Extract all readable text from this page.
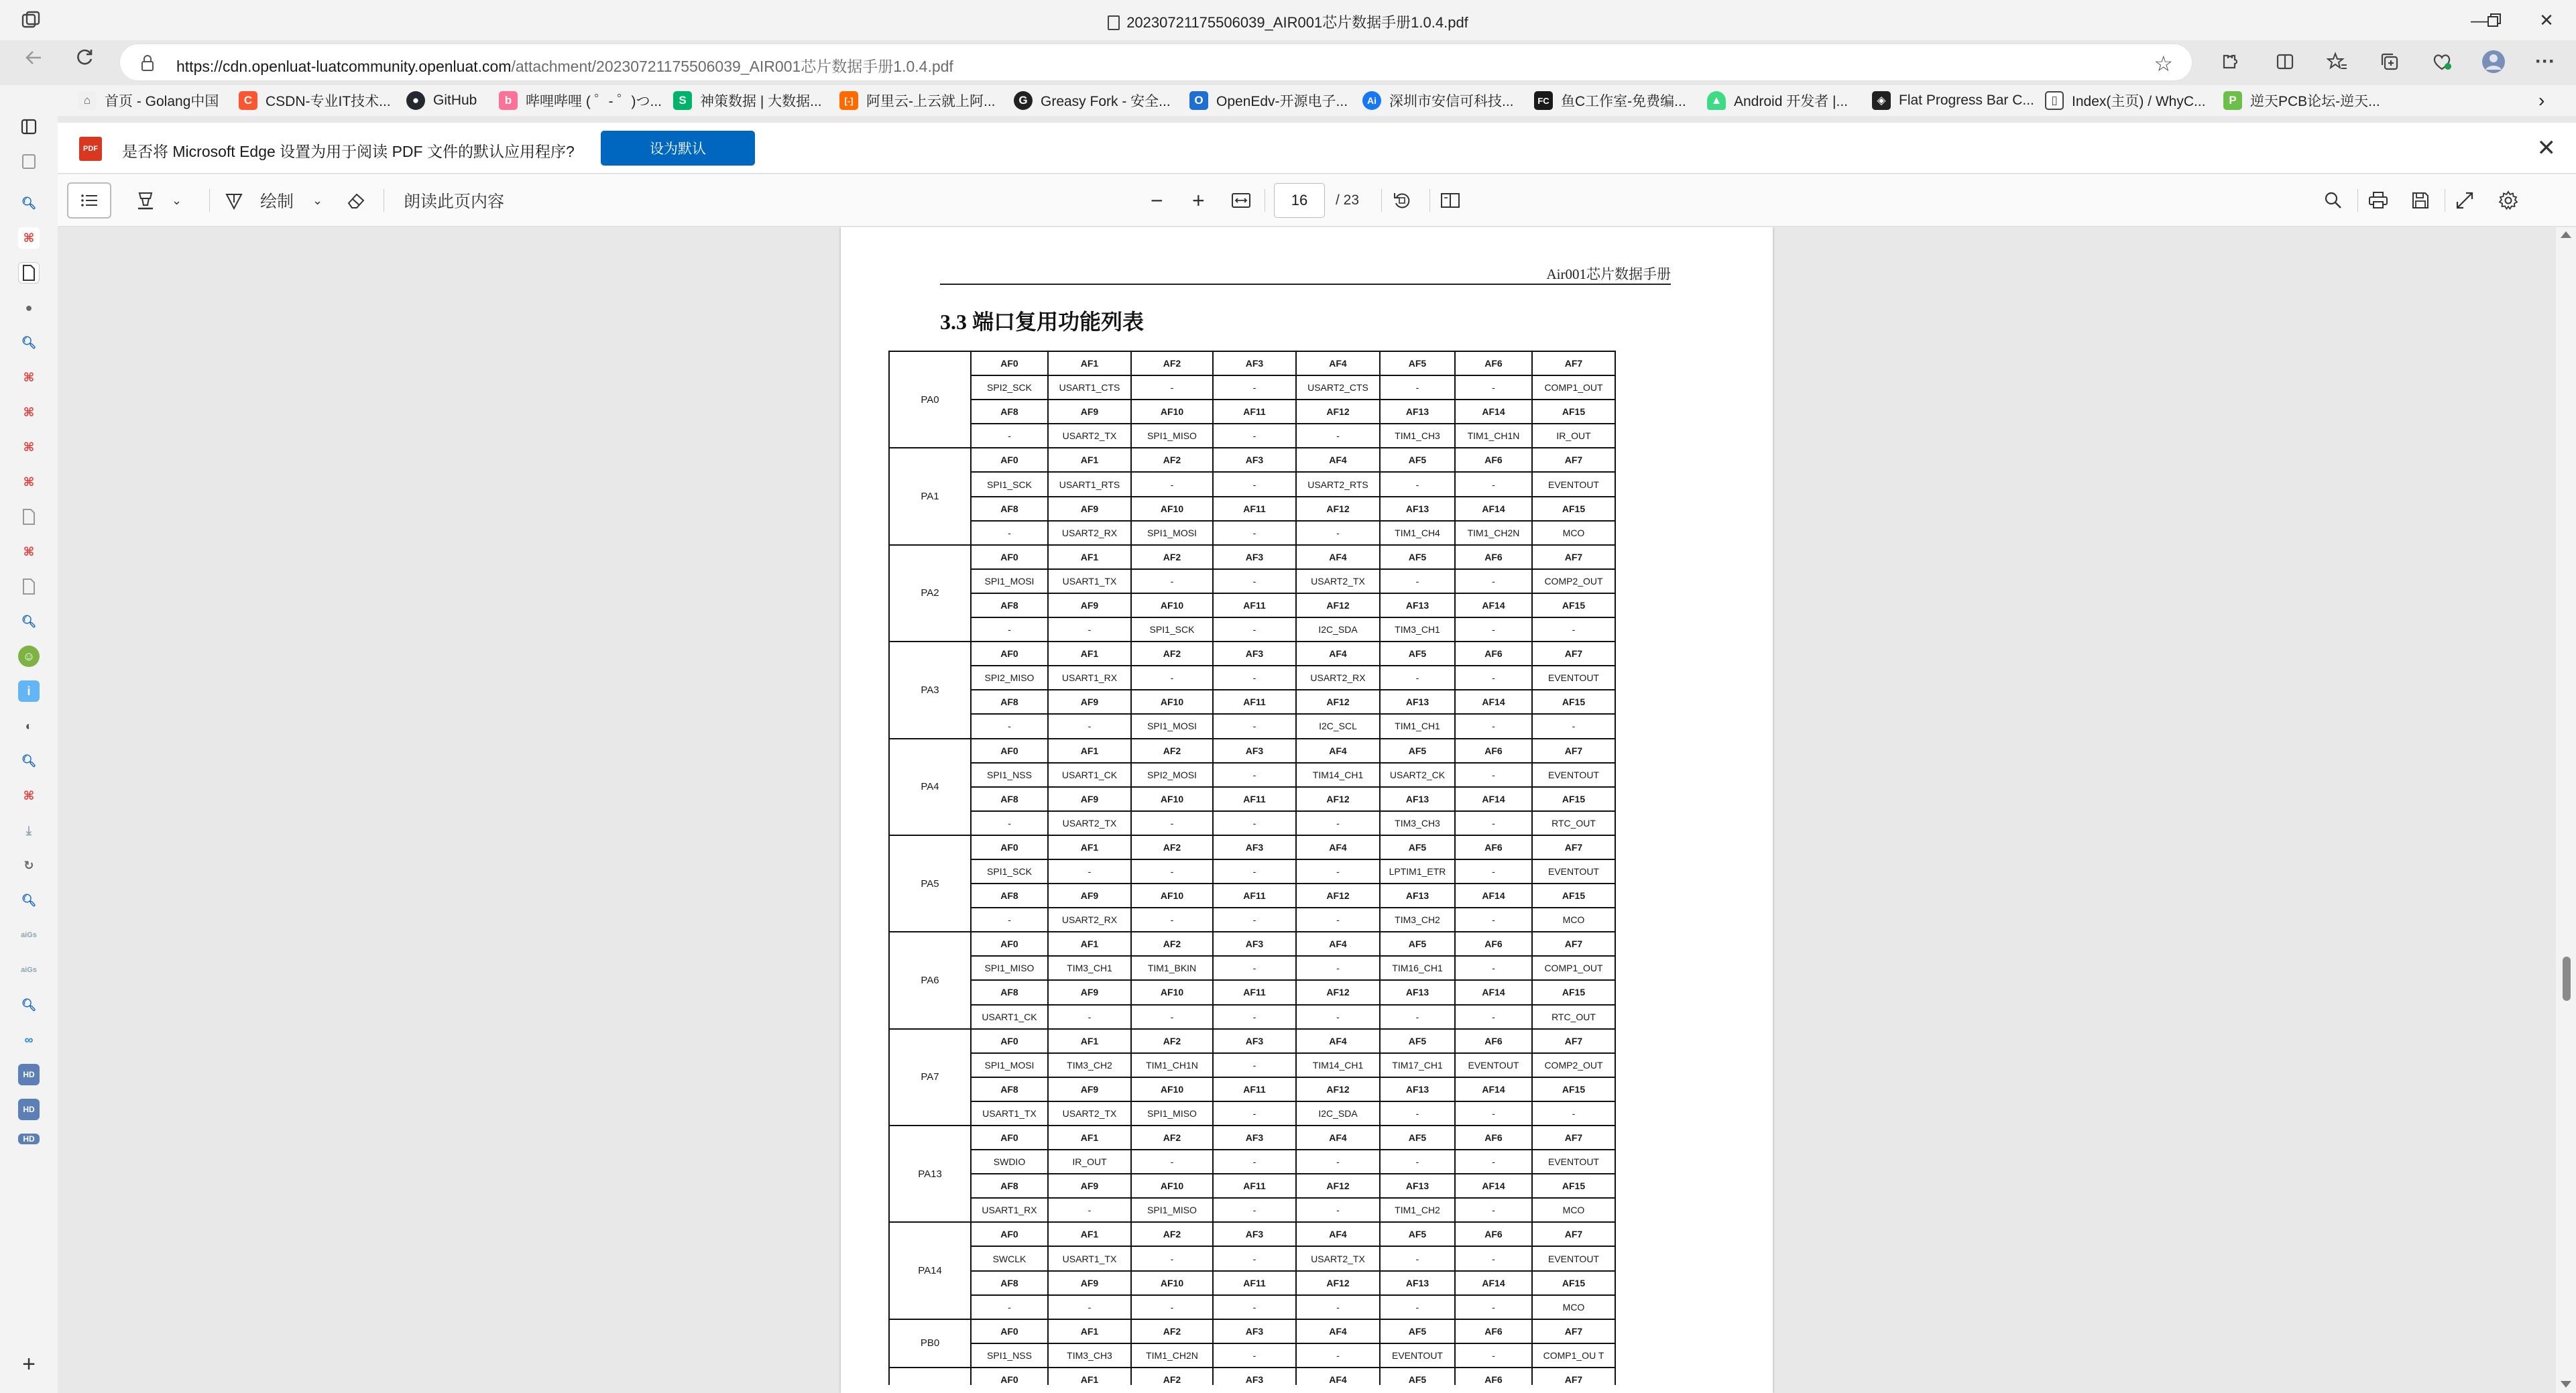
20230721175506039_AIR001芯片数据手册1.0.4.pdf	—	✕
https://cdn.openluat-luatcommunity.openluat.com/attachment/20230721175506039_AIR001芯片数据手册1.0.4.pdf	☆	···
⌂ 首页 - Golang中国	C CSDN-专业IT技术...	● GitHub	b 哔哩哔哩 ( ゜- ゜)つ...	S 神策数据 | 大数据...	[-] 阿里云-上云就上阿...	G Greasy Fork - 安全...	O OpenEdv-开源电子...	Ai 深圳市安信可科技...	FC 鱼C工作室-免费编...	▲ Android 开发者 |...	◈ Flat Progress Bar C...	▯	Index(主页) / WhyC...	P 逆天PCB论坛-逆天...	›
🔍︎
⌘
●
🔍︎
⌘
⌘
⌘
⌘
⌘
🔍︎
☺
i
◐
🔍︎
⌘
⤓
↻
🔍︎
aiGs
aiGs
🔍︎
∞
HD
HD
HD
+
PDF 是否将 Microsoft Edge 设置为用于阅读 PDF 文件的默认应用程序?	设为默认	✕
⌄	绘制 ⌄	朗读此页内容	− +	16	/ 23
Air001芯片数据手册
3.3 端口复用功能列表
PA0	AF0	AF1	AF2	AF3	AF4	AF5	AF6	AF7
	SPI2_SCK	USART1_CTS	-	-	USART2_CTS	-	-	COMP1_OUT
	AF8	AF9	AF10	AF11	AF12	AF13	AF14	AF15
	-	USART2_TX	SPI1_MISO	-	-	TIM1_CH3	TIM1_CH1N	IR_OUT
PA1	AF0	AF1	AF2	AF3	AF4	AF5	AF6	AF7
	SPI1_SCK	USART1_RTS	-	-	USART2_RTS	-	-	EVENTOUT
	AF8	AF9	AF10	AF11	AF12	AF13	AF14	AF15
	-	USART2_RX	SPI1_MOSI	-	-	TIM1_CH4	TIM1_CH2N	MCO
PA2	AF0	AF1	AF2	AF3	AF4	AF5	AF6	AF7
	SPI1_MOSI	USART1_TX	-	-	USART2_TX	-	-	COMP2_OUT
	AF8	AF9	AF10	AF11	AF12	AF13	AF14	AF15
	-	-	SPI1_SCK	-	I2C_SDA	TIM3_CH1	-	-
PA3	AF0	AF1	AF2	AF3	AF4	AF5	AF6	AF7
	SPI2_MISO	USART1_RX	-	-	USART2_RX	-	-	EVENTOUT
	AF8	AF9	AF10	AF11	AF12	AF13	AF14	AF15
	-	-	SPI1_MOSI	-	I2C_SCL	TIM1_CH1	-	-
PA4	AF0	AF1	AF2	AF3	AF4	AF5	AF6	AF7
	SPI1_NSS	USART1_CK	SPI2_MOSI	-	TIM14_CH1	USART2_CK	-	EVENTOUT
	AF8	AF9	AF10	AF11	AF12	AF13	AF14	AF15
	-	USART2_TX	-	-	-	TIM3_CH3	-	RTC_OUT
PA5	AF0	AF1	AF2	AF3	AF4	AF5	AF6	AF7
	SPI1_SCK	-	-	-	-	LPTIM1_ETR	-	EVENTOUT
	AF8	AF9	AF10	AF11	AF12	AF13	AF14	AF15
	-	USART2_RX	-	-	-	TIM3_CH2	-	MCO
PA6	AF0	AF1	AF2	AF3	AF4	AF5	AF6	AF7
	SPI1_MISO	TIM3_CH1	TIM1_BKIN	-	-	TIM16_CH1	-	COMP1_OUT
	AF8	AF9	AF10	AF11	AF12	AF13	AF14	AF15
	USART1_CK	-	-	-	-	-	-	RTC_OUT
PA7	AF0	AF1	AF2	AF3	AF4	AF5	AF6	AF7
	SPI1_MOSI	TIM3_CH2	TIM1_CH1N	-	TIM14_CH1	TIM17_CH1	EVENTOUT	COMP2_OUT
	AF8	AF9	AF10	AF11	AF12	AF13	AF14	AF15
	USART1_TX	USART2_TX	SPI1_MISO	-	I2C_SDA	-	-	-
PA13	AF0	AF1	AF2	AF3	AF4	AF5	AF6	AF7
	SWDIO	IR_OUT	-	-	-	-	-	EVENTOUT
	AF8	AF9	AF10	AF11	AF12	AF13	AF14	AF15
	USART1_RX	-	SPI1_MISO	-	-	TIM1_CH2	-	MCO
PA14	AF0	AF1	AF2	AF3	AF4	AF5	AF6	AF7
	SWCLK	USART1_TX	-	-	USART2_TX	-	-	EVENTOUT
	AF8	AF9	AF10	AF11	AF12	AF13	AF14	AF15
	-	-	-	-	-	-	-	MCO
PB0	AF0	AF1	AF2	AF3	AF4	AF5	AF6	AF7
	SPI1_NSS	TIM3_CH3	TIM1_CH2N	-	-	EVENTOUT	-	COMP1_OU T
	AF0	AF1	AF2	AF3	AF4	AF5	AF6	AF7
